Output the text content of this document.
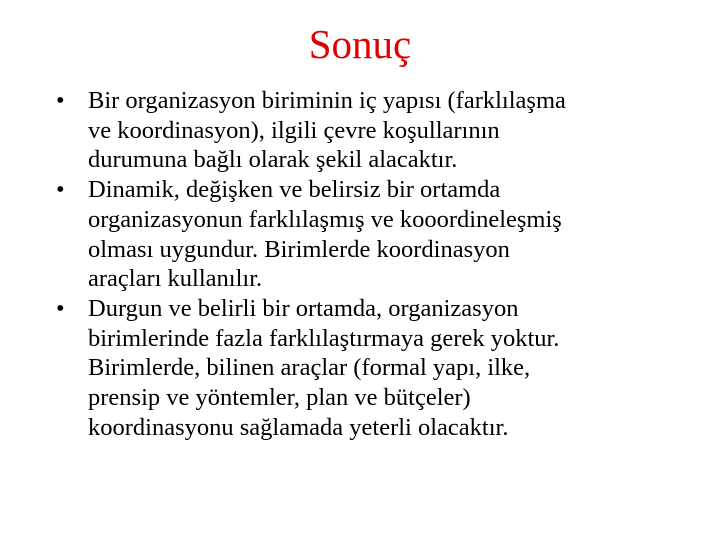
Sonuç
• Bir organizasyon biriminin iç yapısı (farklılaşma
ve koordinasyon), ilgili çevre koşullarının
durumuna bağlı olarak şekil alacaktır.
• Dinamik, değişken ve belirsiz bir ortamda
organizasyonun farklılaşmış ve kooordineleşmiş
olması uygundur. Birimlerde koordinasyon
araçları kullanılır.
• Durgun ve belirli bir ortamda, organizasyon
birimlerinde fazla farklılaştırmaya gerek yoktur.
Birimlerde, bilinen araçlar (formal yapı, ilke,
prensip ve yöntemler, plan ve bütçeler)
koordinasyonu sağlamada yeterli olacaktır.
